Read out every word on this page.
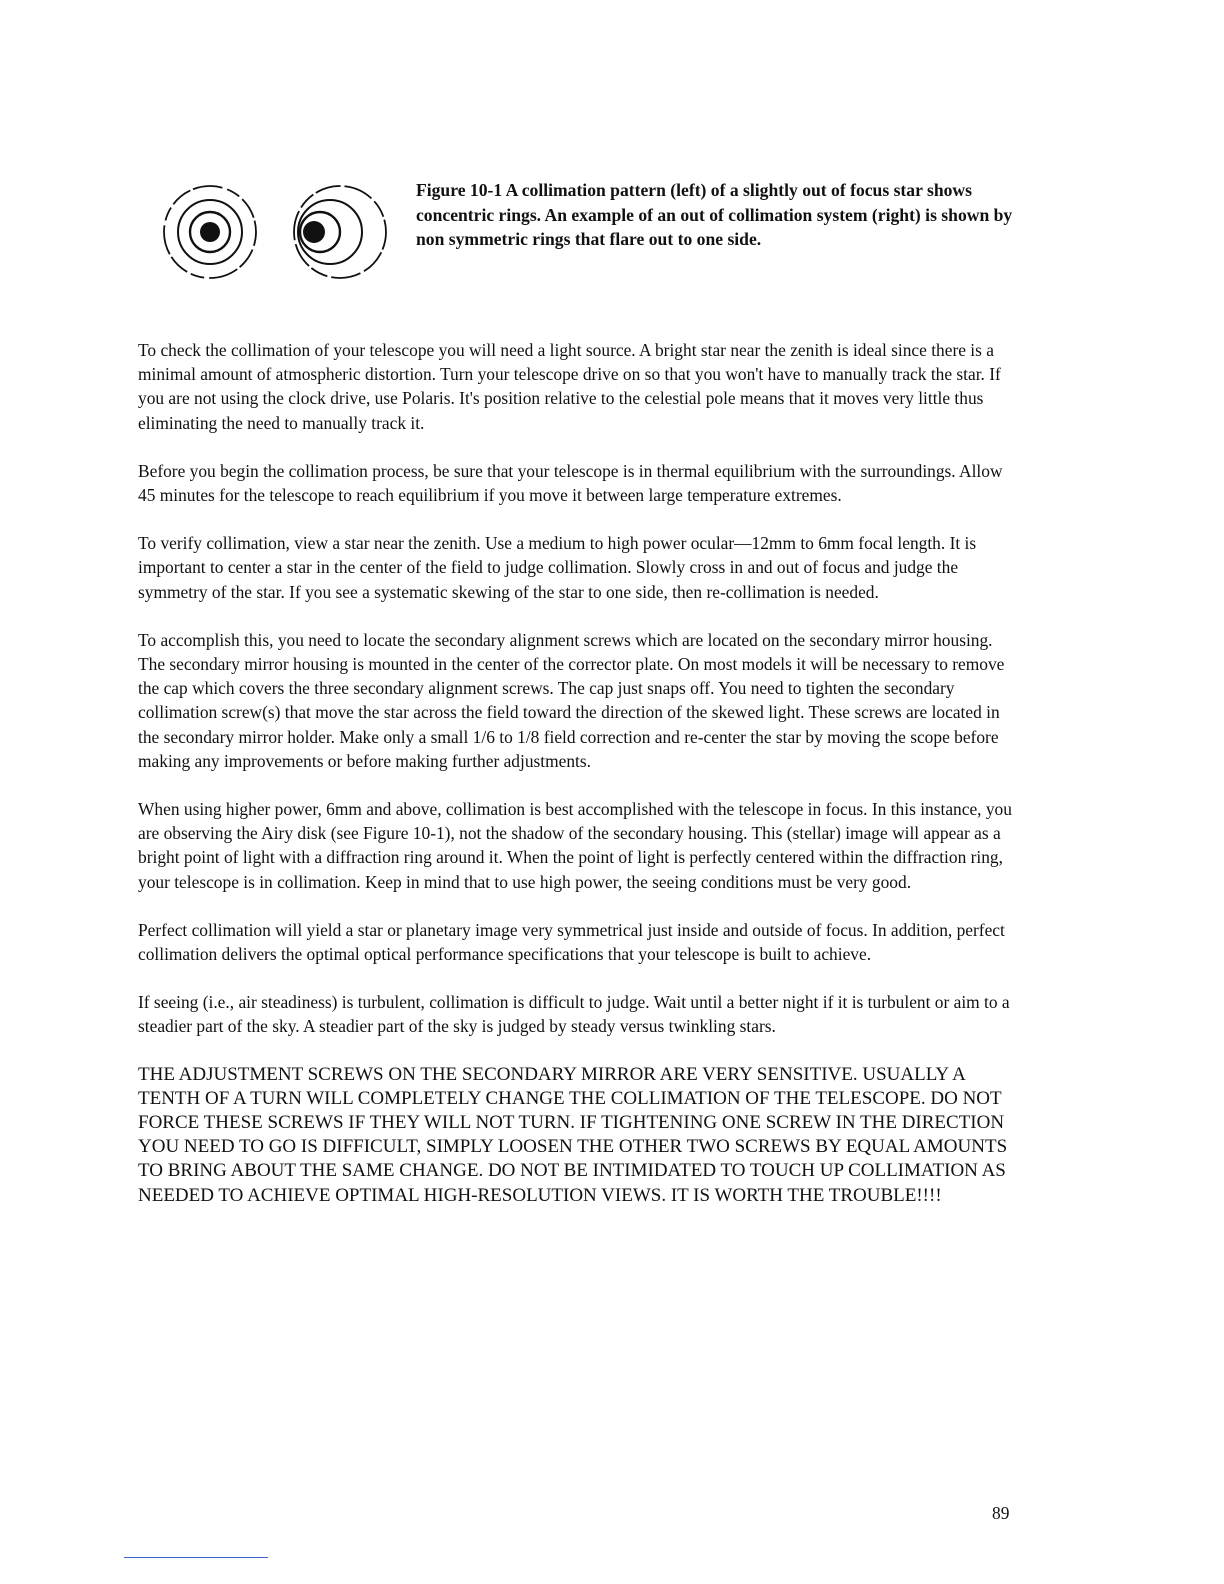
Figure 10-1 A collimation pattern (left) of a slightly out of focus star shows concentric rings. An example of an out of collimation system (right) is shown by non symmetric rings that flare out to one side.

To check the collimation of your telescope you will need a light source. A bright star near the zenith is ideal since there is a minimal amount of atmospheric distortion. Turn your telescope drive on so that you won't have to manually track the star. If you are not using the clock drive, use Polaris. It's position relative to the celestial pole means that it moves very little thus eliminating the need to manually track it.

Before you begin the collimation process, be sure that your telescope is in thermal equilibrium with the surroundings. Allow 45 minutes for the telescope to reach equilibrium if you move it between large temperature extremes.

To verify collimation, view a star near the zenith. Use a medium to high power ocular—12mm to 6mm focal length. It is important to center a star in the center of the field to judge collimation. Slowly cross in and out of focus and judge the symmetry of the star. If you see a systematic skewing of the star to one side, then re-collimation is needed.

To accomplish this, you need to locate the secondary alignment screws which are located on the secondary mirror housing. The secondary mirror housing is mounted in the center of the corrector plate. On most models it will be necessary to remove the cap which covers the three secondary alignment screws. The cap just snaps off. You need to tighten the secondary collimation screw(s) that move the star across the field toward the direction of the skewed light. These screws are located in the secondary mirror holder. Make only a small 1/6 to 1/8 field correction and re-center the star by moving the scope before making any improvements or before making further adjustments.

When using higher power, 6mm and above, collimation is best accomplished with the telescope in focus. In this instance, you are observing the Airy disk (see Figure 10-1), not the shadow of the secondary housing. This (stellar) image will appear as a bright point of light with a diffraction ring around it. When the point of light is perfectly centered within the diffraction ring, your telescope is in collimation. Keep in mind that to use high power, the seeing conditions must be very good.

Perfect collimation will yield a star or planetary image very symmetrical just inside and outside of focus. In addition, perfect collimation delivers the optimal optical performance specifications that your telescope is built to achieve.

If seeing (i.e., air steadiness) is turbulent, collimation is difficult to judge. Wait until a better night if it is turbulent or aim to a steadier part of the sky. A steadier part of the sky is judged by steady versus twinkling stars.

THE ADJUSTMENT SCREWS ON THE SECONDARY MIRROR ARE VERY SENSITIVE. USUALLY A TENTH OF A TURN WILL COMPLETELY CHANGE THE COLLIMATION OF THE TELESCOPE. DO NOT FORCE THESE SCREWS IF THEY WILL NOT TURN. IF TIGHTENING ONE SCREW IN THE DIRECTION YOU NEED TO GO IS DIFFICULT, SIMPLY LOOSEN THE OTHER TWO SCREWS BY EQUAL AMOUNTS TO BRING ABOUT THE SAME CHANGE. DO NOT BE INTIMIDATED TO TOUCH UP COLLIMATION AS NEEDED TO ACHIEVE OPTIMAL HIGH-RESOLUTION VIEWS. IT IS WORTH THE TROUBLE!!!!

89
